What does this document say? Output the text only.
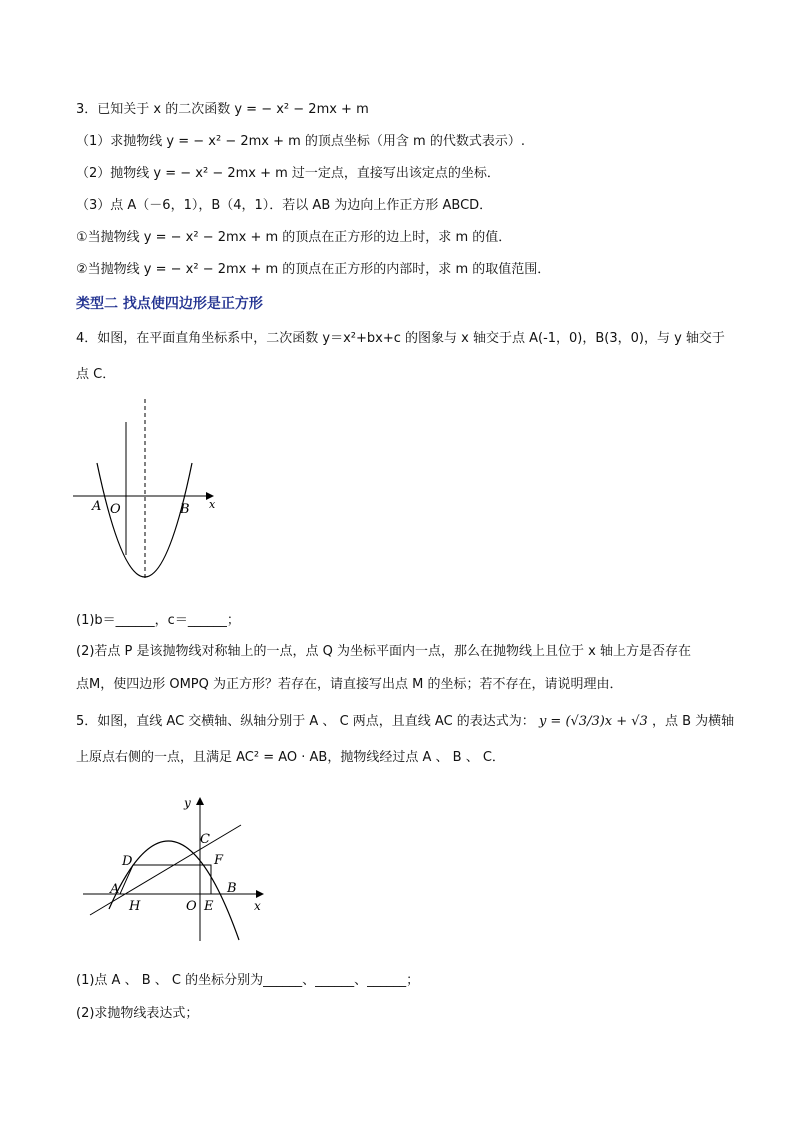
3．已知关于 x 的二次函数 y = − x² − 2mx + m
（1）求抛物线 y = − x² − 2mx + m 的顶点坐标（用含 m 的代数式表示）.
（2）抛物线 y = − x² − 2mx + m 过一定点，直接写出该定点的坐标．
（3）点 A（－6，1），B（4，1）．若以 AB 为边向上作正方形 ABCD．
①当抛物线 y = − x² − 2mx + m 的顶点在正方形的边上时，求 m 的值．
②当抛物线 y = − x² − 2mx + m 的顶点在正方形的内部时，求 m 的取值范围．
类型二 找点使四边形是正方形
4．如图，在平面直角坐标系中，二次函数 y＝x²+bx+c 的图象与 x 轴交于点 A(-1，0)，B(3，0)，与 y 轴交于
点 C．
A O	B x
(1)b＝______，c＝______；
(2)若点 P 是该抛物线对称轴上的一点，点 Q 为坐标平面内一点，那么在抛物线上且位于 x 轴上方是否存在
点M，使四边形 OMPQ 为正方形？若存在，请直接写出点 M 的坐标；若不存在，请说明理由．
5．如图，直线 AC 交横轴、纵轴分别于 A 、 C 两点，且直线 AC 的表达式为： y = (√3/3)x + √3 ，点 B 为横轴
上原点右侧的一点，且满足 AC² = AO · AB，抛物线经过点 A 、 B 、 C．
y
C
D	F
A	B
H	O E	x
(1)点 A 、 B 、 C 的坐标分别为______、______、______；
(2)求抛物线表达式；
